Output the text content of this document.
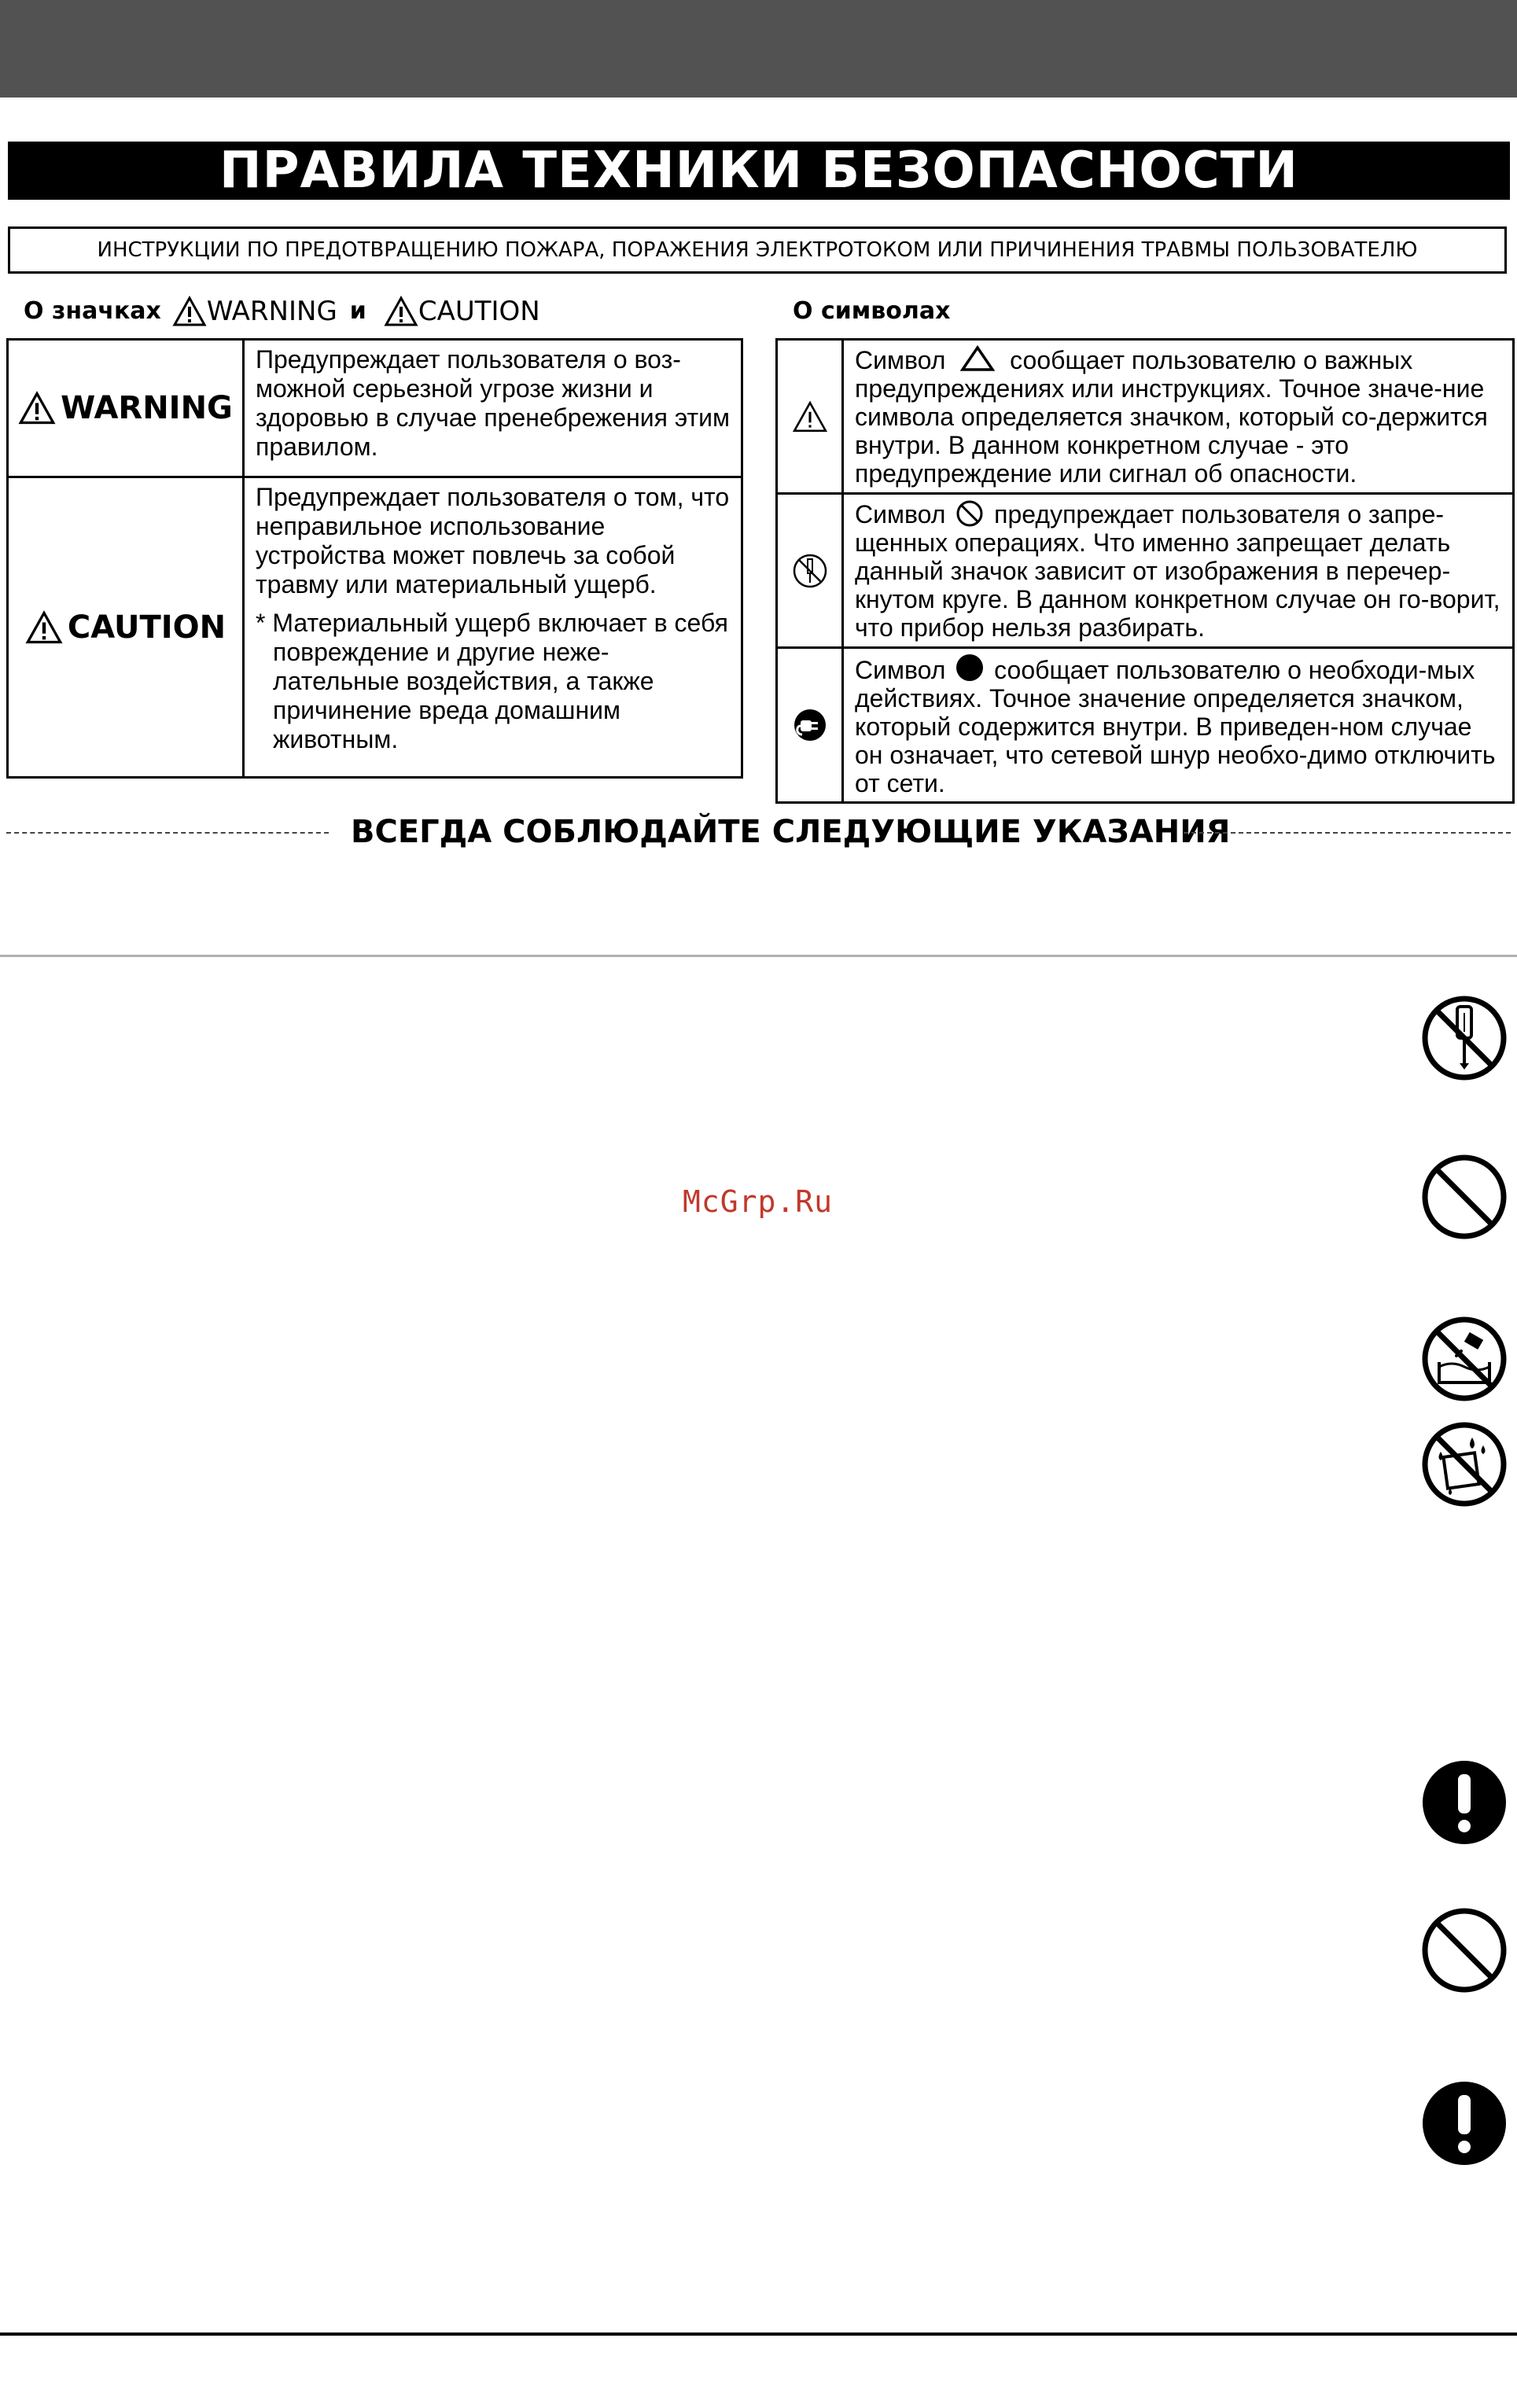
ПРАВИЛА ТЕХНИКИ БЕЗОПАСНОСТИ
ИНСТРУКЦИИ ПО ПРЕДОТВРАЩЕНИЮ ПОЖАРА, ПОРАЖЕНИЯ ЭЛЕКТРОТОКОМ ИЛИ ПРИЧИНЕНИЯ ТРАВМЫ ПОЛЬЗОВАТЕЛЮ
О значках WARNING и CAUTION	О символах
WARNING
Предупреждает пользователя о воз-можной серьезной угрозе жизни и здоровью в случае пренебрежения этим правилом.
CAUTION
Предупреждает пользователя о том, что неправильное использование устройства может повлечь за собой травму или материальный ущерб.
* Материальный ущерб включает в себя повреждение и другие неже-лательные воздействия, а также причинение вреда домашним животным.
Символ	сообщает пользователю о важных предупреждениях или инструкциях. Точное значе-ние символа определяется значком, который со-держится внутри. В данном конкретном случае - это предупреждение или сигнал об опасности.
Символ предупреждает пользователя о запре-щенных операциях. Что именно запрещает делать данный значок зависит от изображения в перечер-кнутом круге. В данном конкретном случае он го-ворит, что прибор нельзя разбирать.
Символ сообщает пользователю о необходи-мых действиях. Точное значение определяется значком, который содержится внутри. В приведен-ном случае он означает, что сетевой шнур необхо-димо отключить от сети.
ВСЕГДА СОБЛЮДАЙТЕ СЛЕДУЮЩИЕ УКАЗАНИЯ
McGrp.Ru
